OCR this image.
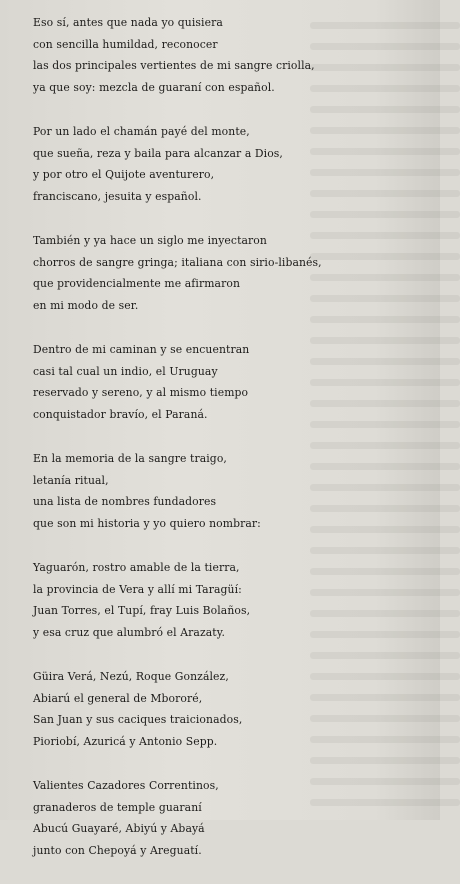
Eso sí, antes que nada yo quisiera
con sencilla humildad, reconocer
las dos principales vertientes de mi sangre criolla,
ya que soy: mezcla de guaraní con español.
Por un lado el chamán payé del monte,
que sueña, reza y baila para alcanzar a Dios,
y por otro el Quijote aventurero,
franciscano, jesuita y español.
También y ya hace un siglo me inyectaron
chorros de sangre gringa; italiana con sirio-libanés,
que providencialmente me afirmaron
en mi modo de ser.
Dentro de mi caminan y se encuentran
casi tal cual un indio, el Uruguay
reservado y sereno, y al mismo tiempo
conquistador bravío, el Paraná.
En la memoria de la sangre traigo,
letanía ritual,
una lista de nombres fundadores
que son mi historia y yo quiero nombrar:
Yaguarón, rostro amable de la tierra,
la provincia de Vera y allí mi Taragüí:
Juan Torres, el Tupí, fray Luis Bolaños,
y esa cruz que alumbró el Arazaty.
Güira Verá, Nezú, Roque González,
Abiarú el general de Mbororé,
San Juan y sus caciques traicionados,
Pioriobí, Azuricá y Antonio Sepp.
Valientes Cazadores Correntinos,
granaderos de temple guaraní
Abucú Guayaré, Abiyú y Abayá
junto con Chepoyá y Areguatí.
